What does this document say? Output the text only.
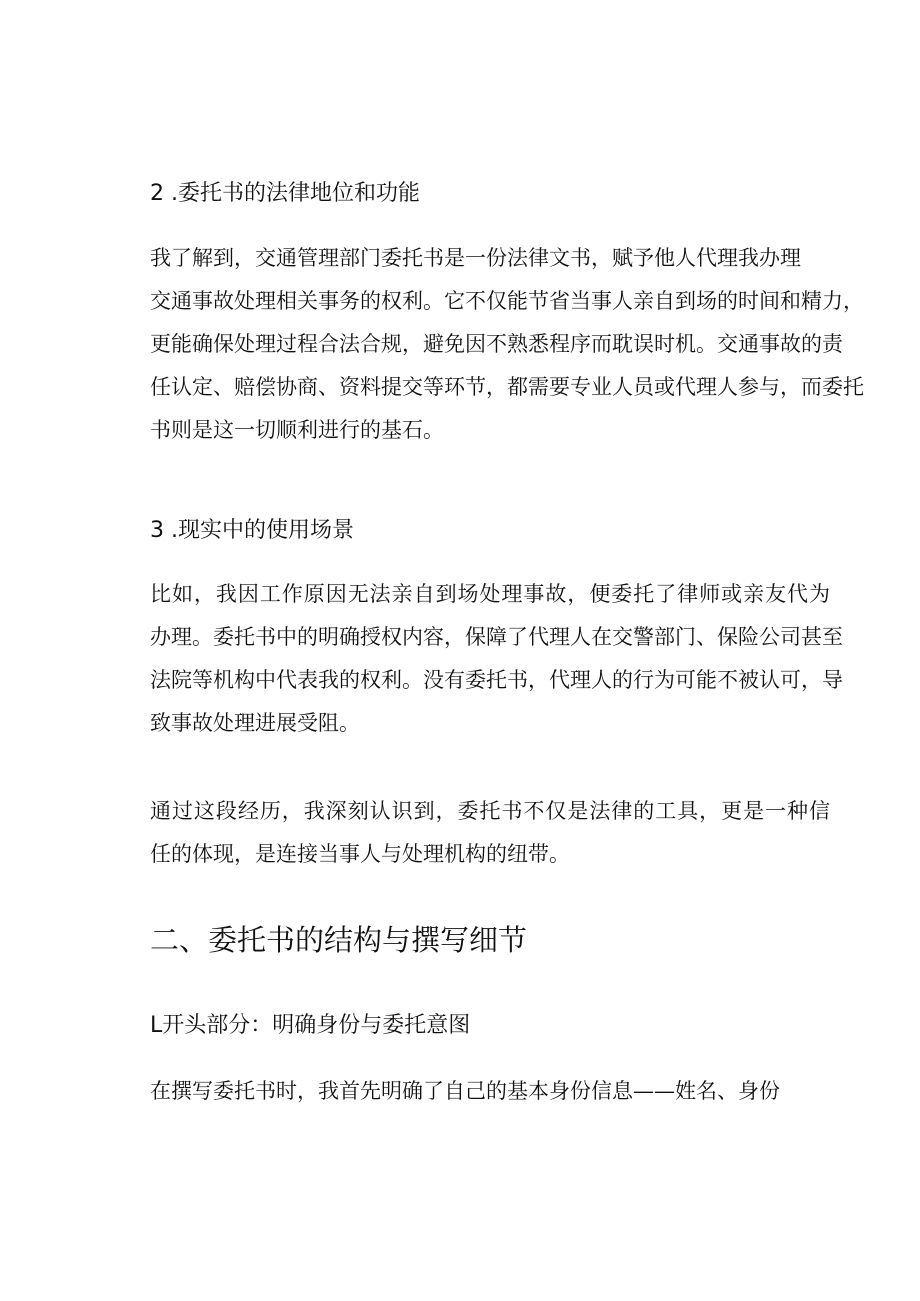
2 .委托书的法律地位和功能
我了解到，交通管理部门委托书是一份法律文书，赋予他人代理我办理
交通事故处理相关事务的权利。它不仅能节省当事人亲自到场的时间和精力，
更能确保处理过程合法合规，避免因不熟悉程序而耽误时机。交通事故的责
任认定、赔偿协商、资料提交等环节，都需要专业人员或代理人参与，而委托
书则是这一切顺利进行的基石。
3 .现实中的使用场景
比如，我因工作原因无法亲自到场处理事故，便委托了律师或亲友代为
办理。委托书中的明确授权内容，保障了代理人在交警部门、保险公司甚至
法院等机构中代表我的权利。没有委托书，代理人的行为可能不被认可，导
致事故处理进展受阻。
通过这段经历，我深刻认识到，委托书不仅是法律的工具，更是一种信
任的体现，是连接当事人与处理机构的纽带。
二、委托书的结构与撰写细节
L开头部分：明确身份与委托意图
在撰写委托书时，我首先明确了自己的基本身份信息——姓名、身份
